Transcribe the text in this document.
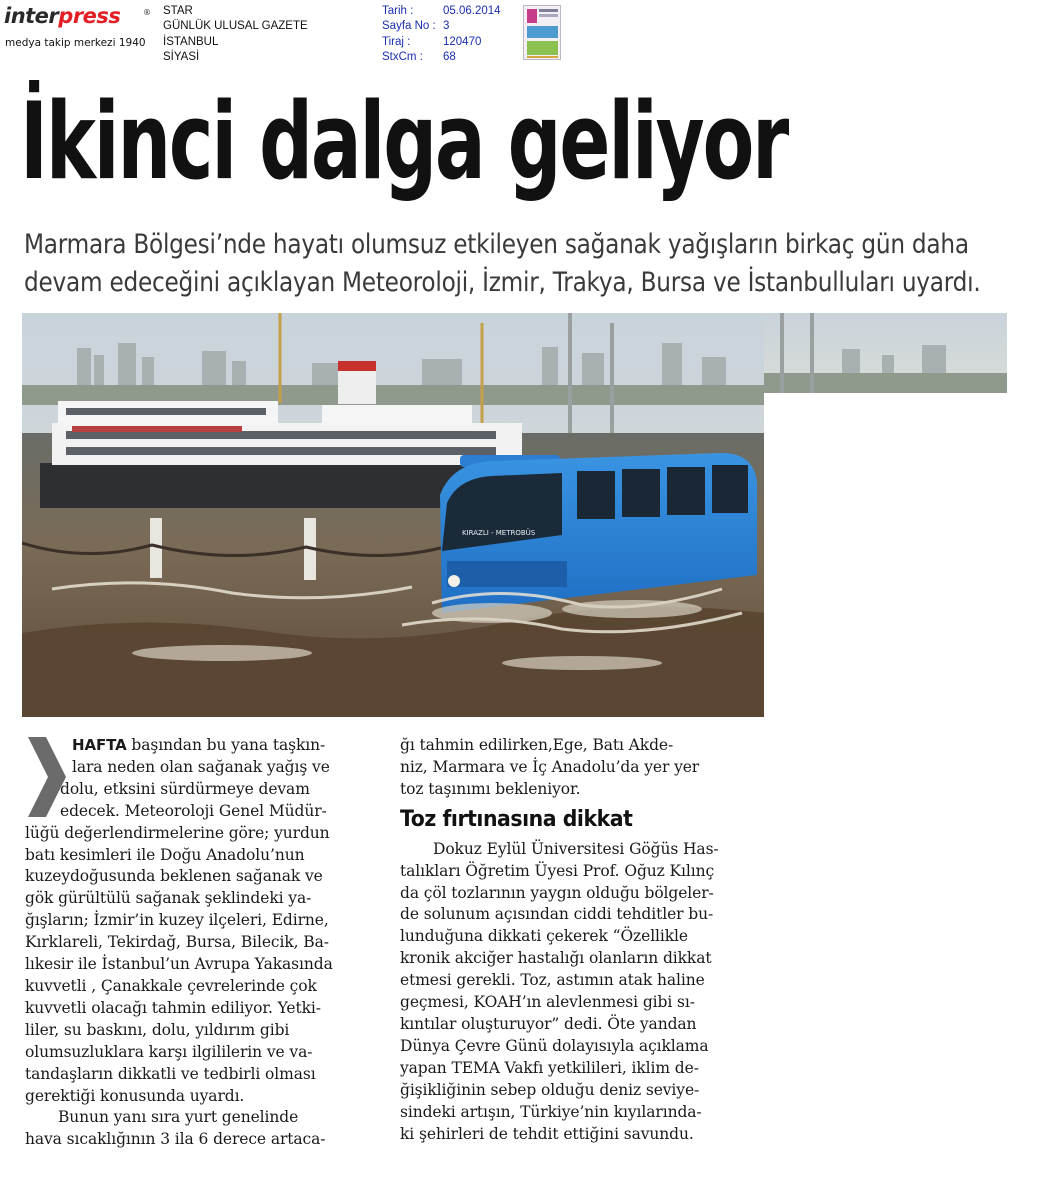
interpress	®
medya takip merkezi 1940
STAR
GÜNLÜK ULUSAL GAZETE
İSTANBUL
SİYASİ
Tarih :
Sayfa No :
Tiraj :
StxCm :
05.06.2014
3
120470
68
İkinci dalga geliyor
Marmara Bölgesi’nde hayatı olumsuz etkileyen sağanak yağışların birkaç gün daha
devam edeceğini açıklayan Meteoroloji, İzmir, Trakya, Bursa ve İstanbulluları uyardı.
KIRAZLI - METROBÜS
HAFTA başından bu yana taşkın-
lara neden olan sağanak yağış ve
dolu, etksini sürdürmeye devam
edecek. Meteoroloji Genel Müdür-
lüğü değerlendirmelerine göre; yurdun
batı kesimleri ile Doğu Anadolu’nun
kuzeydoğusunda beklenen sağanak ve
gök gürültülü sağanak şeklindeki ya-
ğışların; İzmir’in kuzey ilçeleri, Edirne,
Kırklareli, Tekirdağ, Bursa, Bilecik, Ba-
lıkesir ile İstanbul’un Avrupa Yakasında
kuvvetli , Çanakkale çevrelerinde çok
kuvvetli olacağı tahmin ediliyor. Yetki-
liler, su baskını, dolu, yıldırım gibi
olumsuzluklara karşı ilgililerin ve va-
tandaşların dikkatli ve tedbirli olması
gerektiği konusunda uyardı.
Bunun yanı sıra yurt genelinde
hava sıcaklığının 3 ila 6 derece artaca-
ğı tahmin edilirken,Ege, Batı Akde-
niz, Marmara ve İç Anadolu’da yer yer
toz taşınımı bekleniyor.
Toz fırtınasına dikkat
Dokuz Eylül Üniversitesi Göğüs Has-
talıkları Öğretim Üyesi Prof. Oğuz Kılınç
da çöl tozlarının yaygın olduğu bölgeler-
de solunum açısından ciddi tehditler bu-
lunduğuna dikkati çekerek “Özellikle
kronik akciğer hastalığı olanların dikkat
etmesi gerekli. Toz, astımın atak haline
geçmesi, KOAH’ın alevlenmesi gibi sı-
kıntılar oluşturuyor” dedi. Öte yandan
Dünya Çevre Günü dolayısıyla açıklama
yapan TEMA Vakfı yetkilileri, iklim de-
ğişikliğinin sebep olduğu deniz seviye-
sindeki artışın, Türkiye’nin kıyılarında-
ki şehirleri de tehdit ettiğini savundu.
